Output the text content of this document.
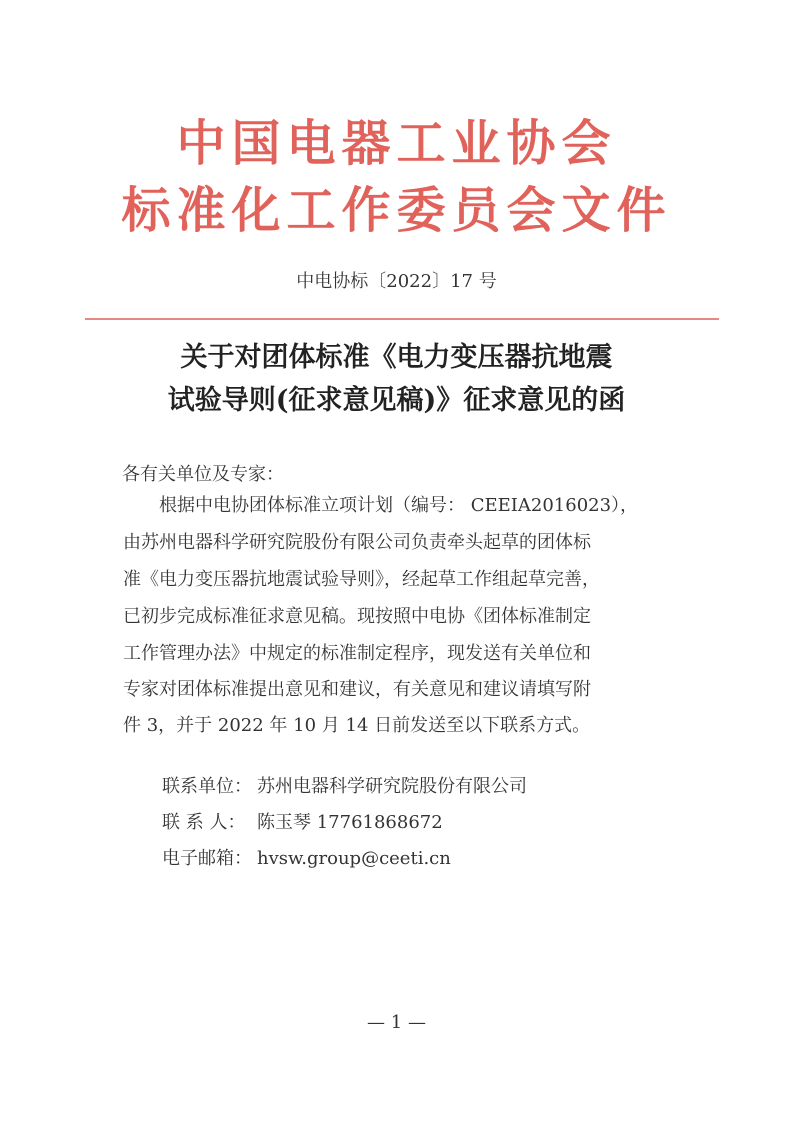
中国电器工业协会
标准化工作委员会文件
中电协标〔2022〕17 号
关于对团体标准《电力变压器抗地震
试验导则(征求意见稿)》征求意见的函
各有关单位及专家：
　　根据中电协团体标准立项计划（编号： CEEIA2016023），
由苏州电器科学研究院股份有限公司负责牵头起草的团体标
准《电力变压器抗地震试验导则》，经起草工作组起草完善，
已初步完成标准征求意见稿。现按照中电协《团体标准制定
工作管理办法》中规定的标准制定程序，现发送有关单位和
专家对团体标准提出意见和建议，有关意见和建议请填写附
件 3，并于 2022 年 10 月 14 日前发送至以下联系方式。
联系单位： 苏州电器科学研究院股份有限公司
联 系 人： 陈玉琴 17761868672
电子邮箱： hvsw.group@ceeti.cn
— 1 —
